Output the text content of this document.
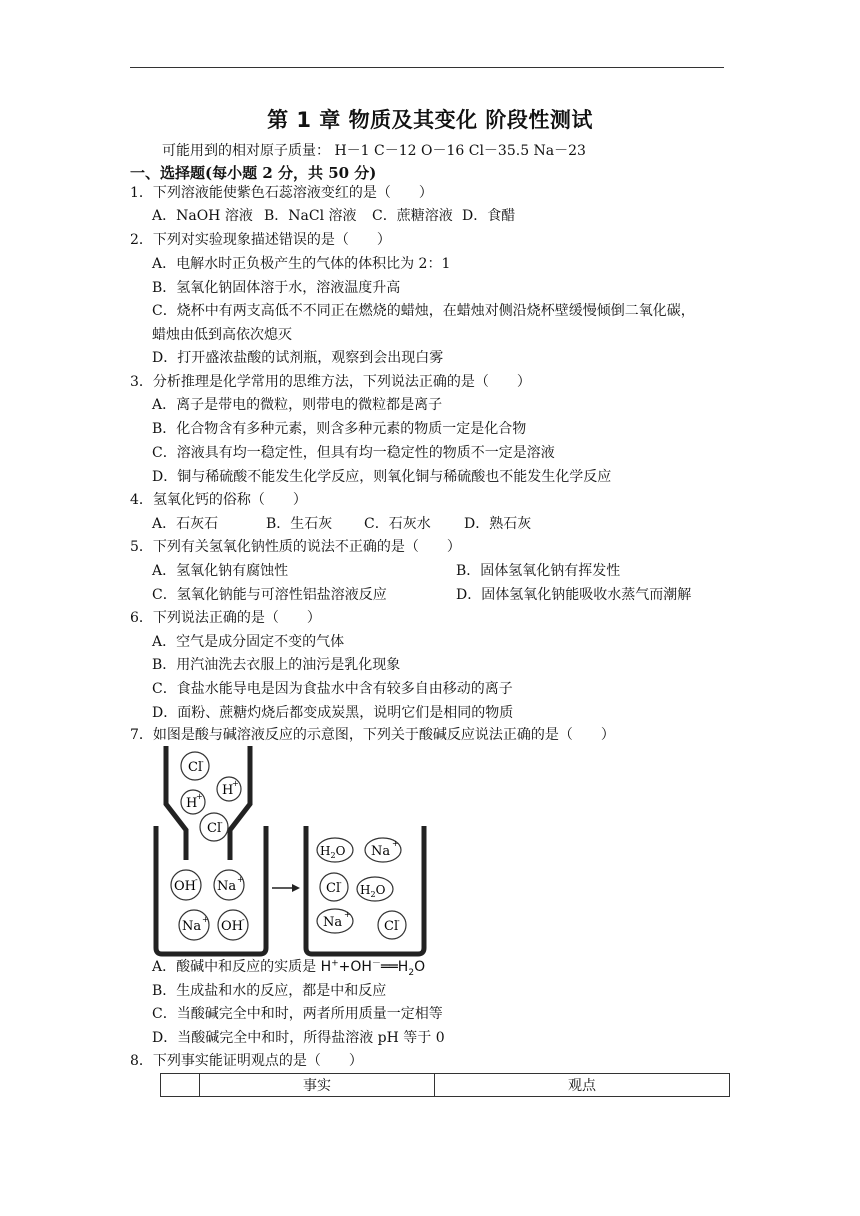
第 1 章 物质及其变化 阶段性测试
可能用到的相对原子质量： H－1 C－12 O－16 Cl－35.5 Na－23
一、选择题(每小题 2 分，共 50 分)
1．下列溶液能使紫色石蕊溶液变红的是（　　）
A．NaOH 溶液 B．NaCl 溶液 C．蔗糖溶液 D．食醋
2．下列对实验现象描述错误的是（　　）
A．电解水时正负极产生的气体的体积比为 2：1
B．氢氧化钠固体溶于水，溶液温度升高
C．烧杯中有两支高低不不同正在燃烧的蜡烛，在蜡烛对侧沿烧杯壁缓慢倾倒二氧化碳，
蜡烛由低到高依次熄灭
D．打开盛浓盐酸的试剂瓶，观察到会出现白雾
3．分析推理是化学常用的思维方法，下列说法正确的是（　　）
A．离子是带电的微粒，则带电的微粒都是离子
B．化合物含有多种元素，则含多种元素的物质一定是化合物
C．溶液具有均一稳定性，但具有均一稳定性的物质不一定是溶液
D．铜与稀硫酸不能发生化学反应，则氧化铜与稀硫酸也不能发生化学反应
4．氢氧化钙的俗称（　　）
A．石灰石	B．生石灰 C．石灰水 D．熟石灰
5．下列有关氢氧化钠性质的说法不正确的是（　　）
A．氢氧化钠有腐蚀性	B．固体氢氧化钠有挥发性
C．氢氧化钠能与可溶性铝盐溶液反应	D．固体氢氧化钠能吸收水蒸气而潮解
6．下列说法正确的是（　　）
A．空气是成分固定不变的气体
B．用汽油洗去衣服上的油污是乳化现象
C．食盐水能导电是因为食盐水中含有较多自由移动的离子
D．面粉、蔗糖灼烧后都变成炭黑，说明它们是相同的物质
7．如图是酸与碱溶液反应的示意图，下列关于酸碱反应说法正确的是（　　）
Cl
-
H
+
H
+
Cl
-
OH - Na +
Na + OH -
$H_2O$ Na
+
Cl
-
$H_2O$
Na
+
Cl
-
A．酸碱中和反应的实质是 $H^++OH^-══H_2O$
B．生成盐和水的反应，都是中和反应
C．当酸碱完全中和时，两者所用质量一定相等
D．当酸碱完全中和时，所得盐溶液 pH 等于 0
8．下列事实能证明观点的是（　　）
	事实	观点
